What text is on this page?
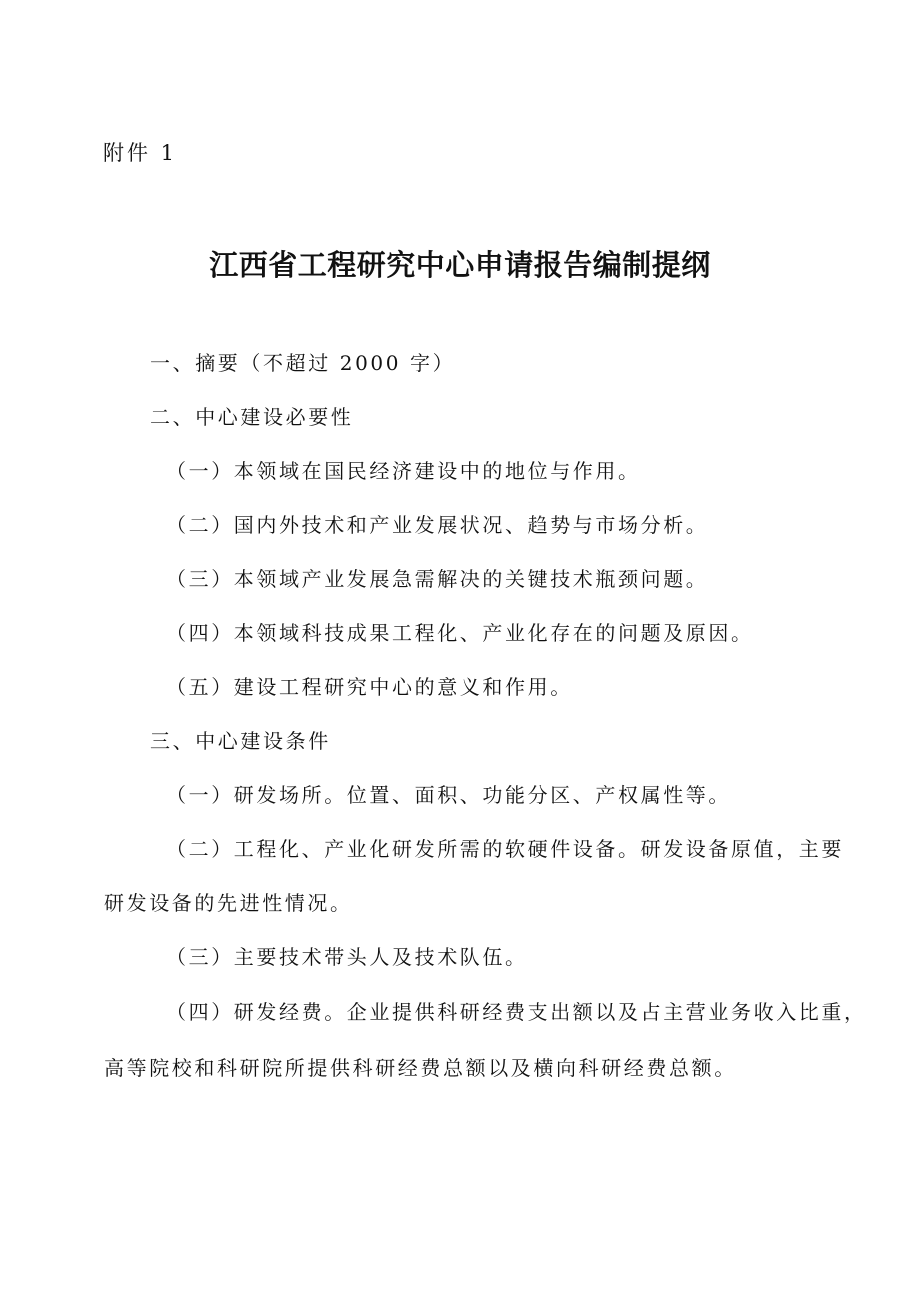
附件 1
江西省工程研究中心申请报告编制提纲
一、摘要（不超过 2000 字）
二、中心建设必要性
（一）本领域在国民经济建设中的地位与作用。
（二）国内外技术和产业发展状况、趋势与市场分析。
（三）本领域产业发展急需解决的关键技术瓶颈问题。
（四）本领域科技成果工程化、产业化存在的问题及原因。
（五）建设工程研究中心的意义和作用。
三、中心建设条件
（一）研发场所。位置、面积、功能分区、产权属性等。
（二）工程化、产业化研发所需的软硬件设备。研发设备原值，主要
研发设备的先进性情况。
（三）主要技术带头人及技术队伍。
（四）研发经费。企业提供科研经费支出额以及占主营业务收入比重，
高等院校和科研院所提供科研经费总额以及横向科研经费总额。
